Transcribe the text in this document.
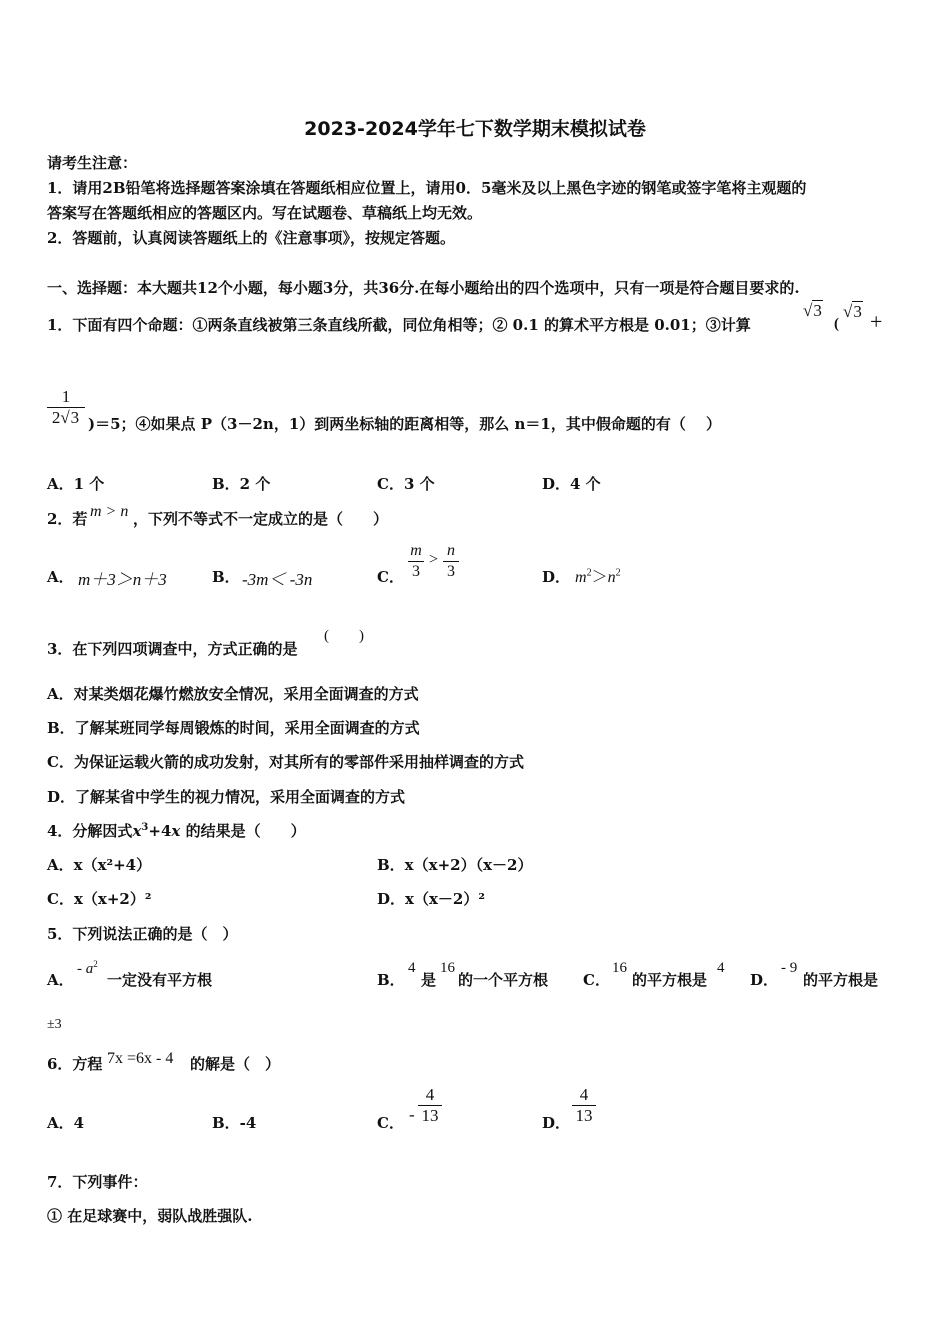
2023-2024学年七下数学期末模拟试卷
请考生注意：
1．请用2B铅笔将选择题答案涂填在答题纸相应位置上，请用0．5毫米及以上黑色字迹的钢笔或签字笔将主观题的
答案写在答题纸相应的答题区内。写在试题卷、草稿纸上均无效。
2．答题前，认真阅读答题纸上的《注意事项》，按规定答题。
一、选择题：本大题共12个小题，每小题3分，共36分.在每小题给出的四个选项中，只有一项是符合题目要求的.
1．下面有四个命题：①两条直线被第三条直线所截，同位角相等；② 0.1 的算术平方根是 0.01；③计算
√3
(
√3 +
1
2√3 )＝5；④如果点 P（3－2n，1）到两坐标轴的距离相等，那么 n＝1，其中假命题的有（　 ）
A．1 个	B．2 个	C．3 个	D．4 个
2．若 m > n ，下列不等式不一定成立的是（　　）
A． m＋3＞n＋3	B． -3m＜ -3n	C．
m
3
>
n
3	D． $m^2>n^2$
3．在下列四项调查中，方式正确的是
(　　)
A．对某类烟花爆竹燃放安全情况，采用全面调查的方式
B．了解某班同学每周锻炼的时间，采用全面调查的方式
C．为保证运载火箭的成功发射，对其所有的零部件采用抽样调查的方式
D．了解某省中学生的视力情况，采用全面调查的方式
4．分解因式$x^3+4x$ 的结果是（　　）
A．x（x²+4）	B．x（x+2）（x－2）
C．x（x+2）²	D．x（x－2）²
5．下列说法正确的是（　）
A．
- $a^2$
一定没有平方根	B．
4
是
16
的一个平方根 C．
16
的平方根是
4
D．
- 9
的平方根是
±3
6．方程 7x =6x - 4 的解是（　）
A．4	B．-4	C． -
4
13	D．
4
13
7．下列事件：
① 在足球赛中，弱队战胜强队.
